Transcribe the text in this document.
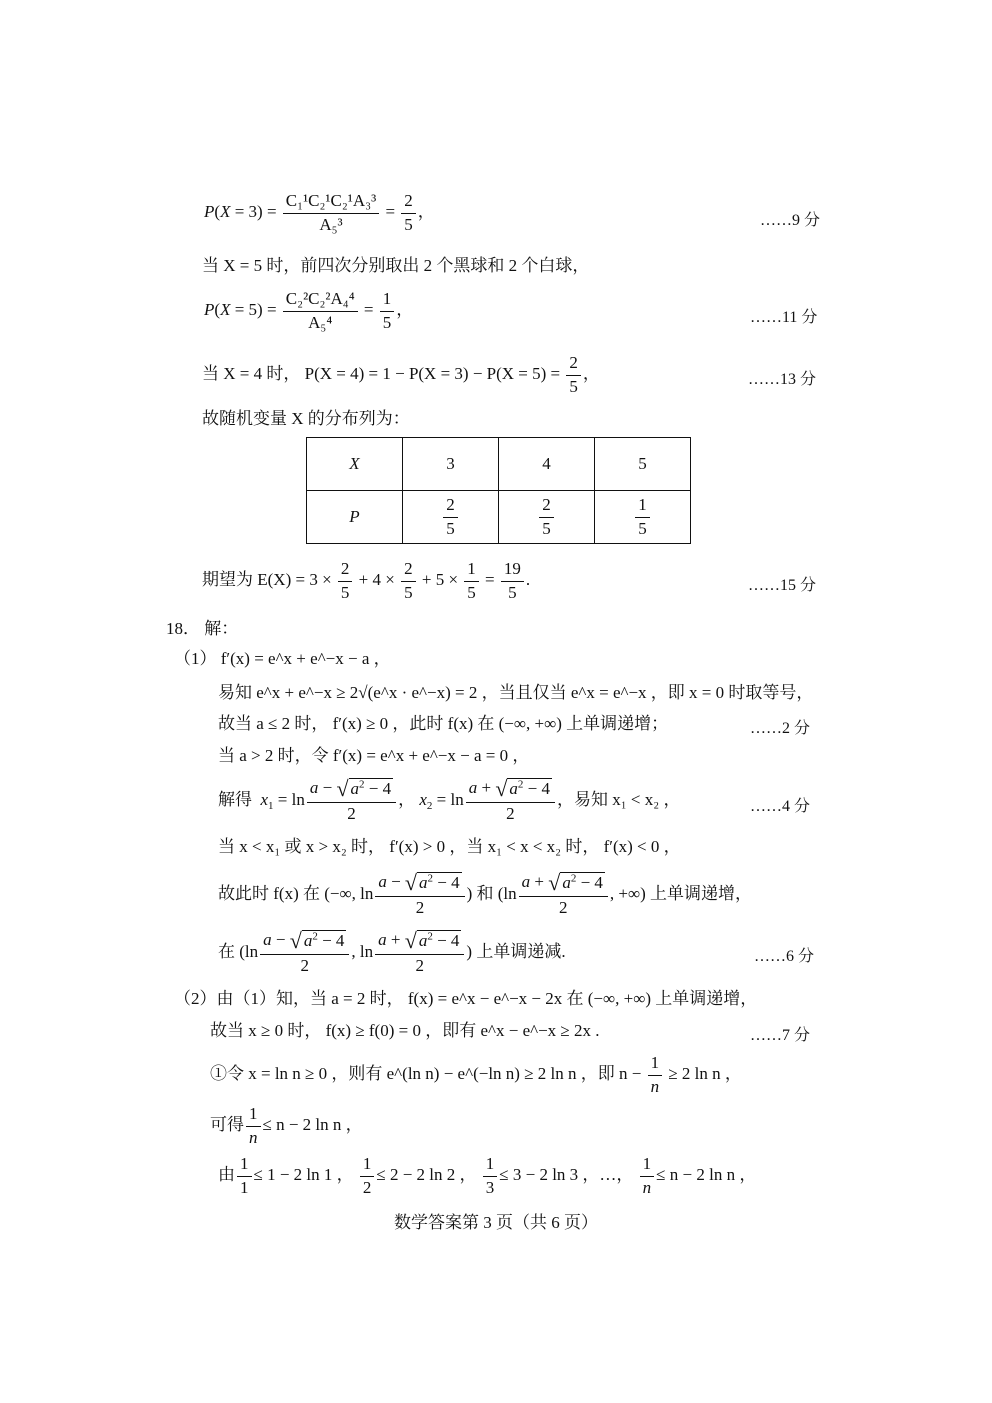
$P(X = 3) = \frac{\text{C₁¹C₂¹C₂¹A₃³}}{\text{A₅³}} = \frac{2}{5}$ ，	……9 分
当 X = 5 时，前四次分别取出 2 个黑球和 2 个白球，
$P(X = 5) = \frac{\text{C₂²C₂²A₄⁴}}{\text{A₅⁴}} = \frac{1}{5}$ ，	……11 分
当 X = 4 时， $P(X = 4) = 1 - P(X = 3) - P(X = 5) = \frac{2}{5}$ ，	……13 分
故随机变量 X 的分布列为：
X	3	4	5
P	$\frac{2}{5}$	$\frac{2}{5}$	$\frac{1}{5}$
期望为 $E(X) = 3 \times \frac{2}{5} + 4 \times \frac{2}{5} + 5 \times \frac{1}{5} = \frac{19}{5}$ .	……15 分
18． 解：
（1） f′(x) = e^x + e^−x − a ，
易知 e^x + e^−x ≥ 2√(e^x · e^−x) = 2 ，当且仅当 e^x = e^−x ，即 x = 0 时取等号，
故当 a ≤ 2 时， f′(x) ≥ 0 ，此时 f(x) 在 (−∞, +∞) 上单调递增；	……2 分
当 a > 2 时，令 f′(x) = e^x + e^−x − a = 0 ，
解得 $x_1 = \ln \frac{a - √ a^2 - 4}{2}$ ， $x_2 = \ln \frac{a + √ a^2 - 4}{2}$ ，易知 x₁ < x₂ ，	……4 分
当 x < x₁ 或 x > x₂ 时， f′(x) > 0 ，当 x₁ < x < x₂ 时， f′(x) < 0 ，
故此时 f(x) 在 (−∞, $\ln \frac{a - √ a^2 - 4}{2}$ ) 和 ($\ln \frac{a + √ a^2 - 4}{2}$ , +∞) 上单调递增，
在 ($\ln \frac{a - √ a^2 - 4}{2}$ , $\ln \frac{a + √ a^2 - 4}{2}$ ) 上单调递减.	……6 分
（2）由（1）知，当 a = 2 时， f(x) = e^x − e^−x − 2x 在 (−∞, +∞) 上单调递增，
故当 x ≥ 0 时， f(x) ≥ f(0) = 0 ，即有 e^x − e^−x ≥ 2x .	……7 分
①令 x = ln n ≥ 0 ，则有 e^(ln n) − e^(−ln n) ≥ 2 ln n ，即 $n - \frac{1}{n} \ge 2$ ln n ，
可得 $\frac{1}{n} \le n - 2$ ln n ，
由 $\frac{1}{1} \le 1 - 2$ ln 1 ， $\frac{1}{2} \le 2 - 2$ ln 2 ， $\frac{1}{3} \le 3 - 2$ ln 3 ，…， $\frac{1}{n} \le n - 2$ ln n ，
数学答案第 3 页（共 6 页）
